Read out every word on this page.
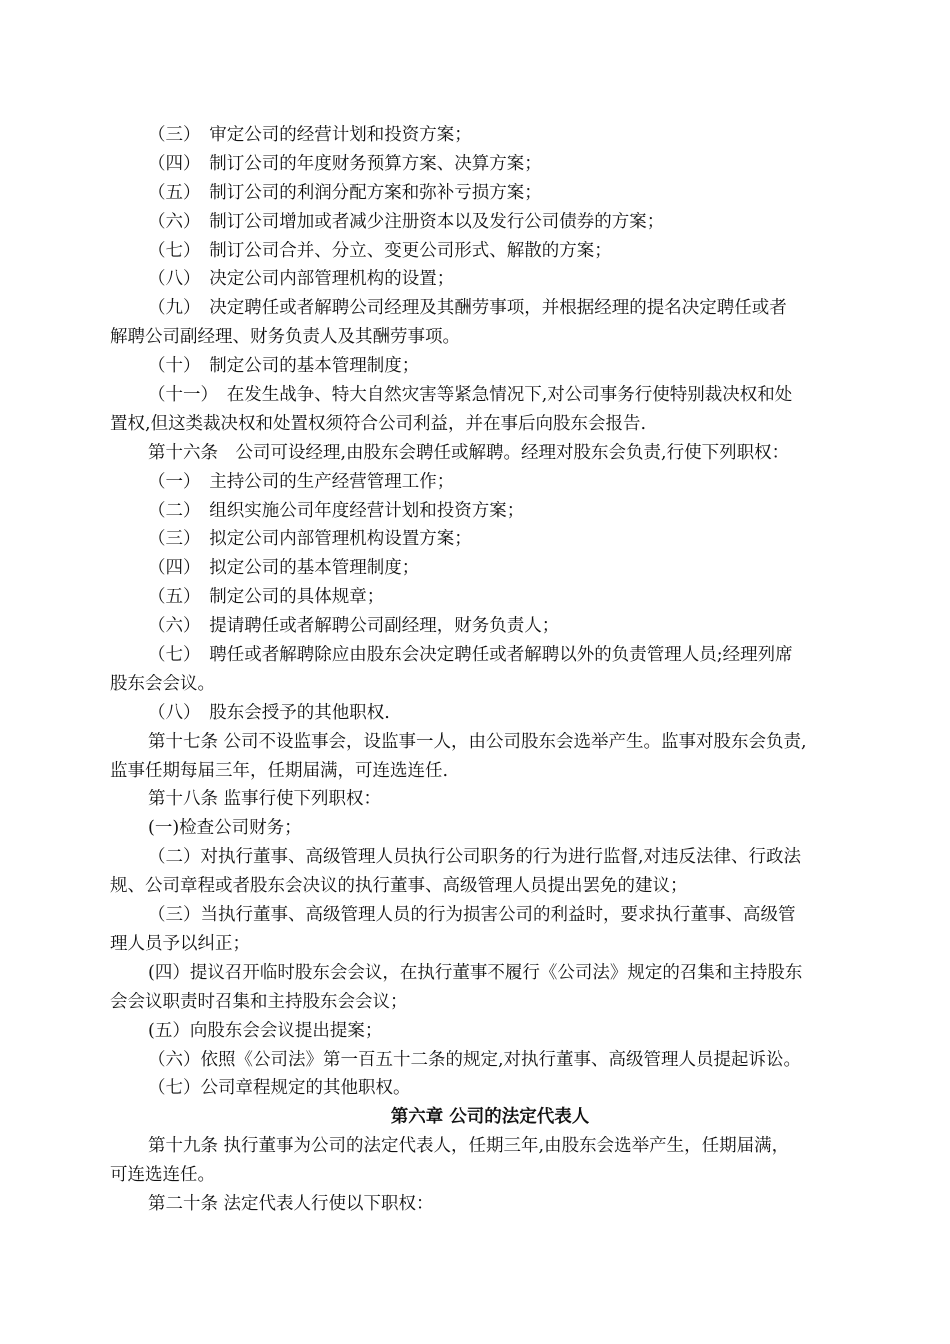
（三）　审定公司的经营计划和投资方案；
（四）　制订公司的年度财务预算方案、决算方案；
（五）　制订公司的利润分配方案和弥补亏损方案；
（六）　制订公司增加或者减少注册资本以及发行公司债券的方案；
（七）　制订公司合并、分立、变更公司形式、解散的方案；
（八）　决定公司内部管理机构的设置；
（九）　决定聘任或者解聘公司经理及其酬劳事项，并根据经理的提名决定聘任或者
解聘公司副经理、财务负责人及其酬劳事项。
（十）　制定公司的基本管理制度；
（十一）　在发生战争、特大自然灾害等紧急情况下,对公司事务行使特别裁决权和处
置权,但这类裁决权和处置权须符合公司利益，并在事后向股东会报告.
第十六条　公司可设经理,由股东会聘任或解聘。经理对股东会负责,行使下列职权：
（一）　主持公司的生产经营管理工作；
（二）　组织实施公司年度经营计划和投资方案；
（三）　拟定公司内部管理机构设置方案；
（四）　拟定公司的基本管理制度；
（五）　制定公司的具体规章；
（六）　提请聘任或者解聘公司副经理，财务负责人；
（七）　聘任或者解聘除应由股东会决定聘任或者解聘以外的负责管理人员;经理列席
股东会会议。
（八）　股东会授予的其他职权.
第十七条 公司不设监事会，设监事一人，由公司股东会选举产生。监事对股东会负责,
监事任期每届三年，任期届满，可连选连任.
第十八条 监事行使下列职权：
(一)检查公司财务；
（二）对执行董事、高级管理人员执行公司职务的行为进行监督,对违反法律、行政法
规、公司章程或者股东会决议的执行董事、高级管理人员提出罢免的建议；
（三）当执行董事、高级管理人员的行为损害公司的利益时，要求执行董事、高级管
理人员予以纠正；
(四）提议召开临时股东会会议，在执行董事不履行《公司法》规定的召集和主持股东
会会议职责时召集和主持股东会会议；
(五）向股东会会议提出提案；
（六）依照《公司法》第一百五十二条的规定,对执行董事、高级管理人员提起诉讼。
（七）公司章程规定的其他职权。
第六章 公司的法定代表人
第十九条 执行董事为公司的法定代表人，任期三年,由股东会选举产生，任期届满，
可连选连任。
第二十条 法定代表人行使以下职权：
